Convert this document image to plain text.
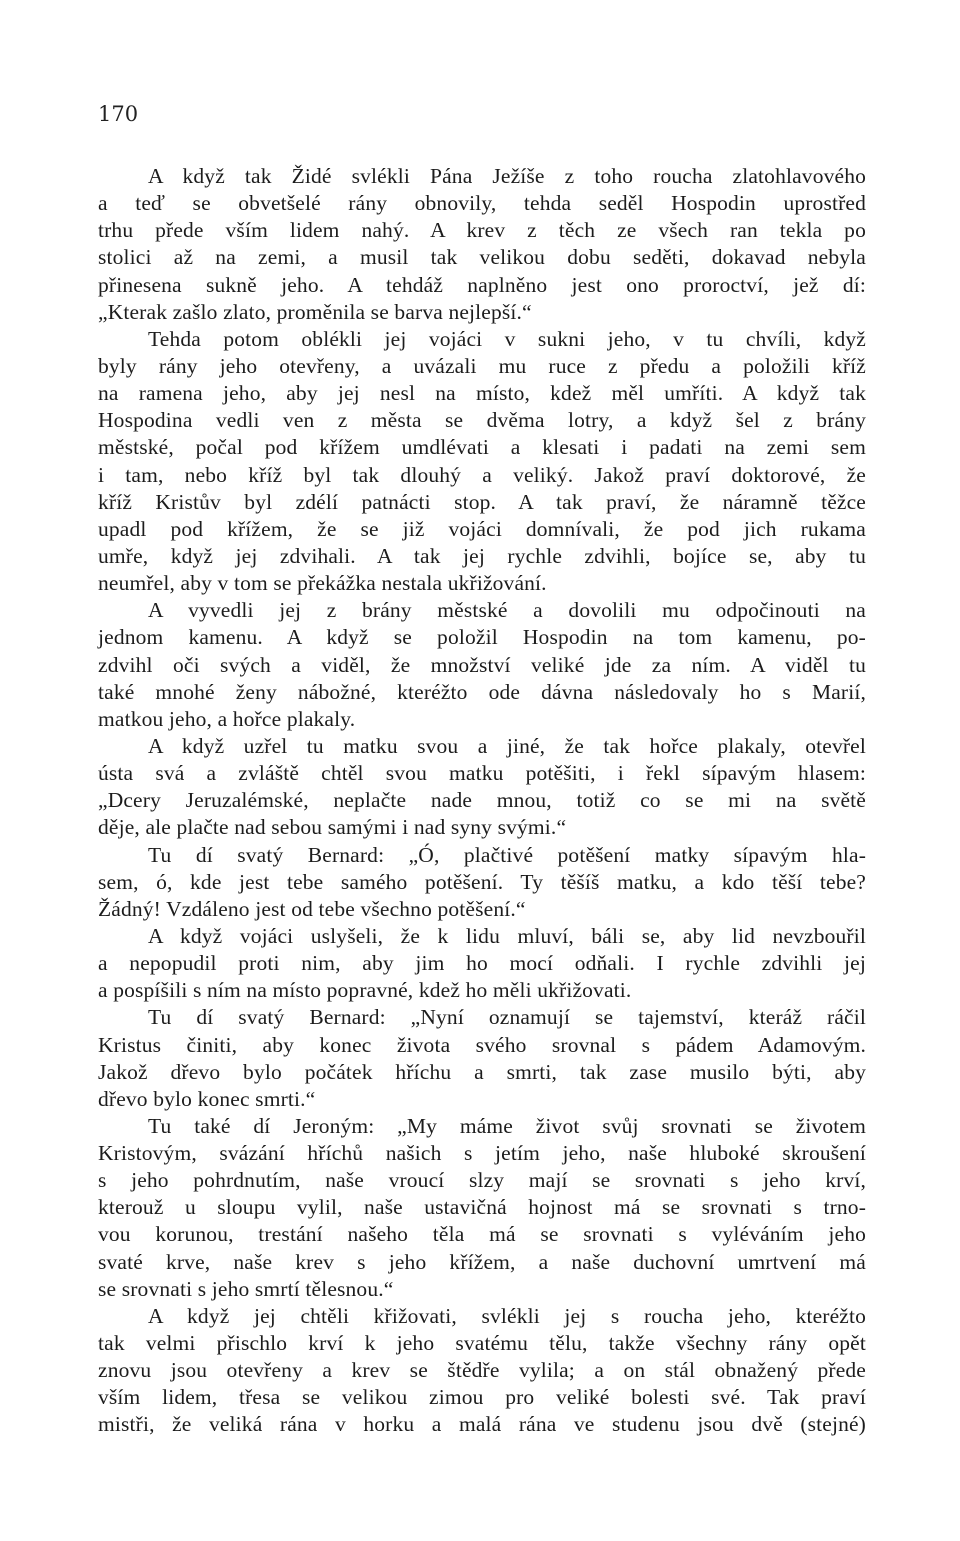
170
A když tak Židé svlékli Pána Ježíše z toho roucha zlatohlavového
a teď se obvetšelé rány obnovily, tehda seděl Hospodin uprostřed
trhu přede vším lidem nahý. A krev z těch ze všech ran tekla po
stolici až na zemi, a musil tak velikou dobu seděti, dokavad nebyla
přinesena sukně jeho. A tehdáž naplněno jest ono proroctví, jež dí:
„Kterak zašlo zlato, proměnila se barva nejlepší.“
Tehda potom oblékli jej vojáci v sukni jeho, v tu chvíli, když
byly rány jeho otevřeny, a uvázali mu ruce z předu a položili kříž
na ramena jeho, aby jej nesl na místo, kdež měl umříti. A když tak
Hospodina vedli ven z města se dvěma lotry, a když šel z brány
městské, počal pod křížem umdlévati a klesati i padati na zemi sem
i tam, nebo kříž byl tak dlouhý a veliký. Jakož praví doktorové, že
kříž Kristův byl zdélí patnácti stop. A tak praví, že náramně těžce
upadl pod křížem, že se již vojáci domnívali, že pod jich rukama
umře, když jej zdvihali. A tak jej rychle zdvihli, bojíce se, aby tu
neumřel, aby v tom se překážka nestala ukřižování.
A vyvedli jej z brány městské a dovolili mu odpočinouti na
jednom kamenu. A když se položil Hospodin na tom kamenu, po-
zdvihl oči svých a viděl, že množství veliké jde za ním. A viděl tu
také mnohé ženy nábožné, kteréžto ode dávna následovaly ho s Marií,
matkou jeho, a hořce plakaly.
A když uzřel tu matku svou a jiné, že tak hořce plakaly, otevřel
ústa svá a zvláště chtěl svou matku potěšiti, i řekl sípavým hlasem:
„Dcery Jeruzalémské, neplačte nade mnou, totiž co se mi na světě
děje, ale plačte nad sebou samými i nad syny svými.“
Tu dí svatý Bernard: „Ó, plačtivé potěšení matky sípavým hla-
sem, ó, kde jest tebe samého potěšení. Ty těšíš matku, a kdo těší tebe?
Žádný! Vzdáleno jest od tebe všechno potěšení.“
A když vojáci uslyšeli, že k lidu mluví, báli se, aby lid nevzbouřil
a nepopudil proti nim, aby jim ho mocí odňali. I rychle zdvihli jej
a pospíšili s ním na místo popravné, kdež ho měli ukřižovati.
Tu dí svatý Bernard: „Nyní oznamují se tajemství, kteráž ráčil
Kristus činiti, aby konec života svého srovnal s pádem Adamovým.
Jakož dřevo bylo počátek hříchu a smrti, tak zase musilo býti, aby
dřevo bylo konec smrti.“
Tu také dí Jeroným: „My máme život svůj srovnati se životem
Kristovým, svázání hříchů našich s jetím jeho, naše hluboké skroušení
s jeho pohrdnutím, naše vroucí slzy mají se srovnati s jeho krví,
kterouž u sloupu vylil, naše ustavičná hojnost má se srovnati s trno-
vou korunou, trestání našeho těla má se srovnati s vyléváním jeho
svaté krve, naše krev s jeho křížem, a naše duchovní umrtvení má
se srovnati s jeho smrtí tělesnou.“
A když jej chtěli křižovati, svlékli jej s roucha jeho, kteréžto
tak velmi přischlo krví k jeho svatému tělu, takže všechny rány opět
znovu jsou otevřeny a krev se štědře vylila; a on stál obnažený přede
vším lidem, třesa se velikou zimou pro veliké bolesti své. Tak praví
mistři, že veliká rána v horku a malá rána ve studenu jsou dvě (stejné)
